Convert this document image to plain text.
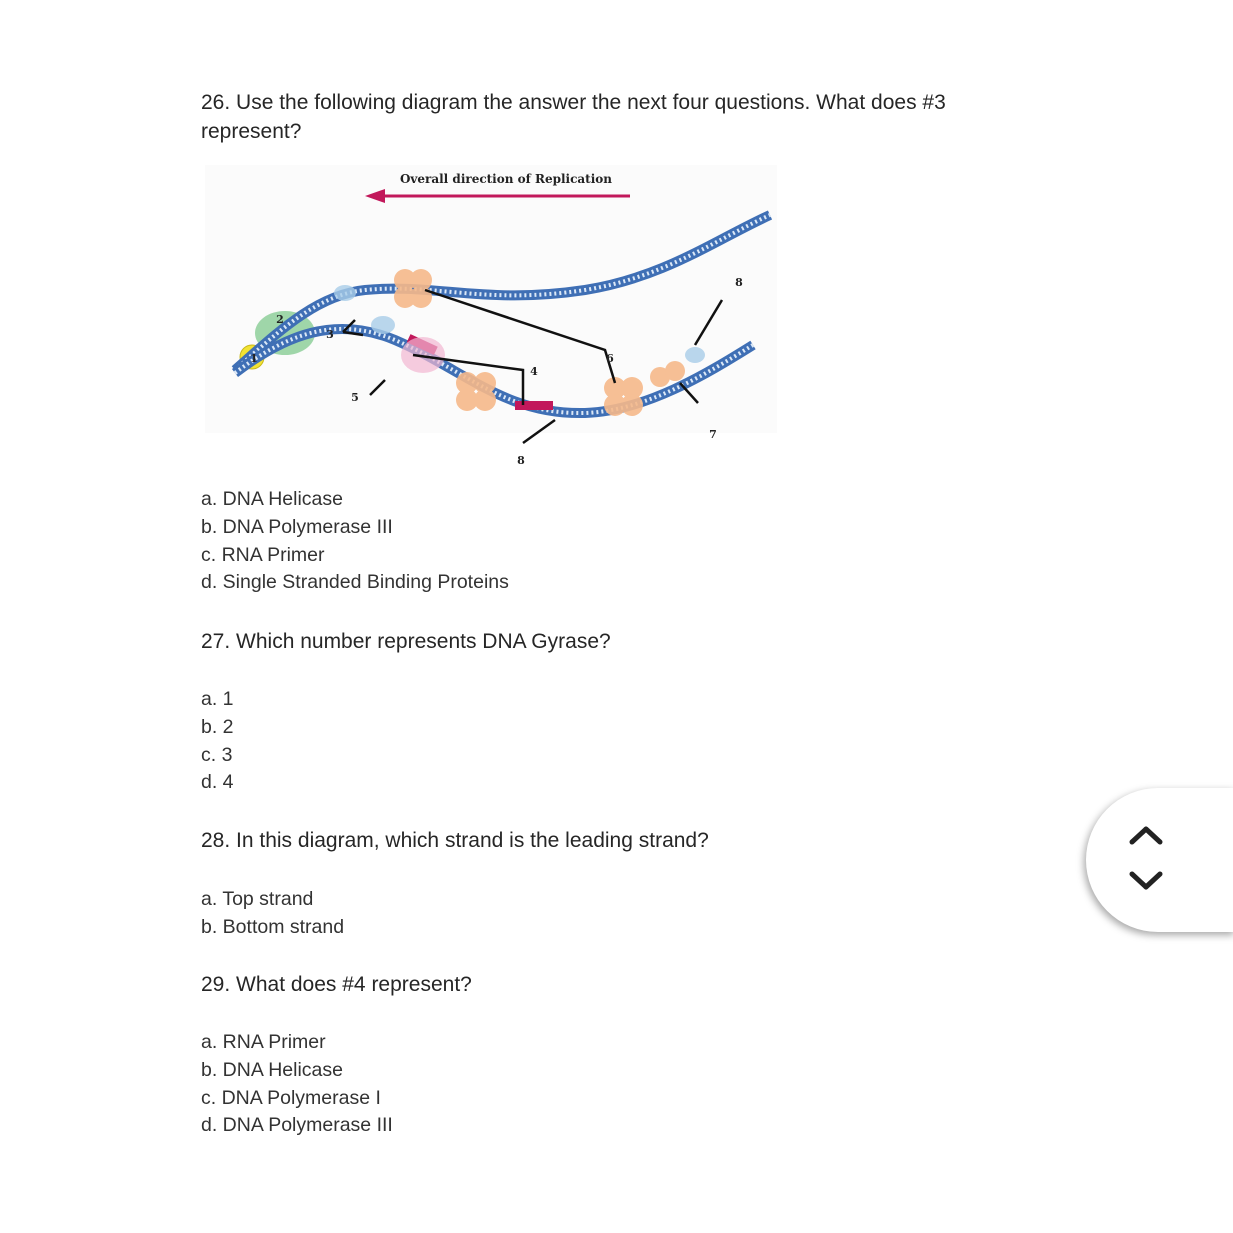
26. Use the following diagram the answer the next four questions. What does #3 represent?
Overall direction of Replication
1
2
3
4
5
6
7
8
8
a. DNA Helicase
b. DNA Polymerase III
c. RNA Primer
d. Single Stranded Binding Proteins
27. Which number represents DNA Gyrase?
a. 1
b. 2
c. 3
d. 4
28. In this diagram, which strand is the leading strand?
a. Top strand
b. Bottom strand
29. What does #4 represent?
a. RNA Primer
b. DNA Helicase
c. DNA Polymerase I
d. DNA Polymerase III
